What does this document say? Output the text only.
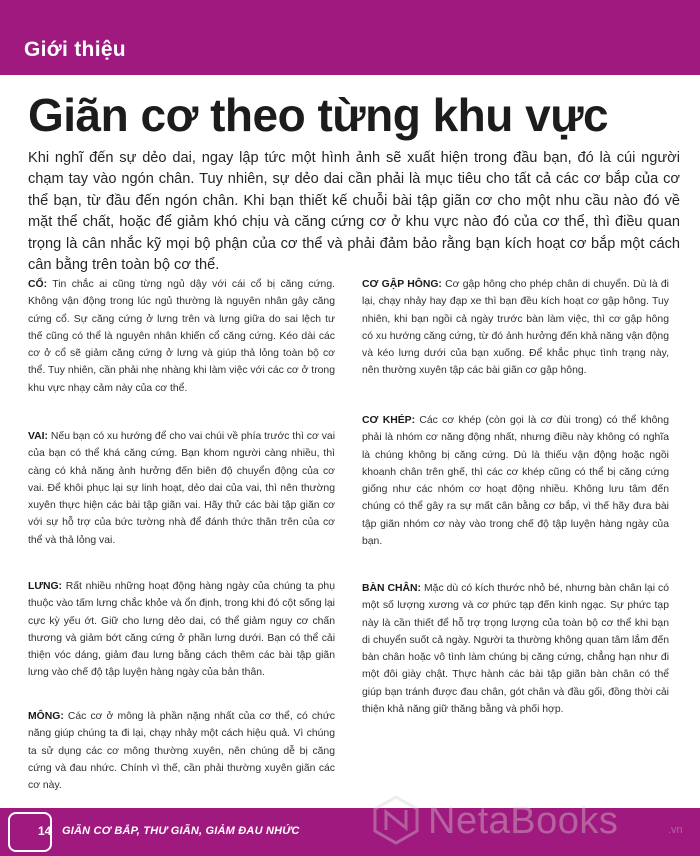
Giới thiệu
Giãn cơ theo từng khu vực

Khi nghĩ đến sự dẻo dai, ngay lập tức một hình ảnh sẽ xuất hiện trong đầu bạn, đó là cúi người chạm tay vào ngón chân. Tuy nhiên, sự dẻo dai cần phải là mục tiêu cho tất cả các cơ bắp của cơ thể bạn, từ đầu đến ngón chân. Khi bạn thiết kế chuỗi bài tập giãn cơ cho một nhu cầu nào đó về mặt thể chất, hoặc để giảm khó chịu và căng cứng cơ ở khu vực nào đó của cơ thể, thì điều quan trọng là cân nhắc kỹ mọi bộ phận của cơ thể và phải đảm bảo rằng bạn kích hoạt cơ bắp một cách cân bằng trên toàn bộ cơ thể.

CỔ: Tin chắc ai cũng từng ngủ dậy với cái cổ bị căng cứng. Không vận động trong lúc ngủ thường là nguyên nhân gây căng cứng cổ. Sự căng cứng ở lưng trên và lưng giữa do sai lệch tư thế cũng có thể là nguyên nhân khiến cổ căng cứng. Kéo dài các cơ ở cổ sẽ giảm căng cứng ở lưng và giúp thả lỏng toàn bộ cơ thể. Tuy nhiên, cần phải nhẹ nhàng khi làm việc với các cơ ở trong khu vực nhạy cảm này của cơ thể.

VAI: Nếu bạn có xu hướng để cho vai chúi về phía trước thì cơ vai của bạn có thể khá căng cứng. Bạn khom người càng nhiều, thì càng có khả năng ảnh hưởng đến biên độ chuyển động của cơ vai. Để khôi phục lại sự linh hoạt, dẻo dai của vai, thì nên thường xuyên thực hiện các bài tập giãn vai. Hãy thử các bài tập giãn cơ với sự hỗ trợ của bức tường nhà để đánh thức thân trên của cơ thể và thả lỏng vai.

LƯNG: Rất nhiều những hoạt động hàng ngày của chúng ta phụ thuộc vào tấm lưng chắc khỏe và ổn định, trong khi đó cột sống lại cực kỳ yếu ớt. Giữ cho lưng dẻo dai, có thể giảm nguy cơ chấn thương và giảm bớt căng cứng ở phần lưng dưới. Bạn có thể cải thiện vóc dáng, giảm đau lưng bằng cách thêm các bài tập giãn lưng vào chế độ tập luyện hàng ngày của bản thân.

MÔNG: Các cơ ở mông là phần nặng nhất của cơ thể, có chức năng giúp chúng ta đi lại, chạy nhảy một cách hiệu quả. Vì chúng ta sử dụng các cơ mông thường xuyên, nên chúng dễ bị căng cứng và đau nhức. Chính vì thế, cần phải thường xuyên giãn các cơ này.

CƠ GẬP HÔNG: Cơ gập hông cho phép chân di chuyển. Dù là đi lại, chạy nhảy hay đạp xe thì bạn đều kích hoạt cơ gập hông. Tuy nhiên, khi bạn ngồi cả ngày trước bàn làm việc, thì cơ gập hông có xu hướng căng cứng, từ đó ảnh hưởng đến khả năng vận động và kéo lưng dưới của bạn xuống. Để khắc phục tình trạng này, nên thường xuyên tập các bài giãn cơ gập hông.

CƠ KHÉP: Các cơ khép (còn gọi là cơ đùi trong) có thể không phải là nhóm cơ năng động nhất, nhưng điều này không có nghĩa là chúng không bị căng cứng. Dù là thiếu vận động hoặc ngồi khoanh chân trên ghế, thì các cơ khép cũng có thể bị căng cứng giống như các nhóm cơ hoạt động nhiều. Không lưu tâm đến chúng có thể gây ra sự mất cân bằng cơ bắp, vì thế hãy đưa bài tập giãn nhóm cơ này vào trong chế độ tập luyện hàng ngày của bạn.

BÀN CHÂN: Mặc dù có kích thước nhỏ bé, nhưng bàn chân lại có một số lượng xương và cơ phức tạp đến kinh ngạc. Sự phức tạp này là cần thiết để hỗ trợ trọng lượng của toàn bộ cơ thể khi bạn di chuyển suốt cả ngày. Người ta thường không quan tâm lắm đến bàn chân hoặc vô tình làm chúng bị căng cứng, chẳng hạn như đi một đôi giày chật. Thực hành các bài tập giãn bàn chân có thể giúp bạn tránh được đau chân, gót chân và đầu gối, đồng thời cải thiện khả năng giữ thăng bằng và phối hợp.

14 GIÃN CƠ BẮP, THƯ GIÃN, GIẢM ĐAU NHỨC	NetaBooks	.vn
